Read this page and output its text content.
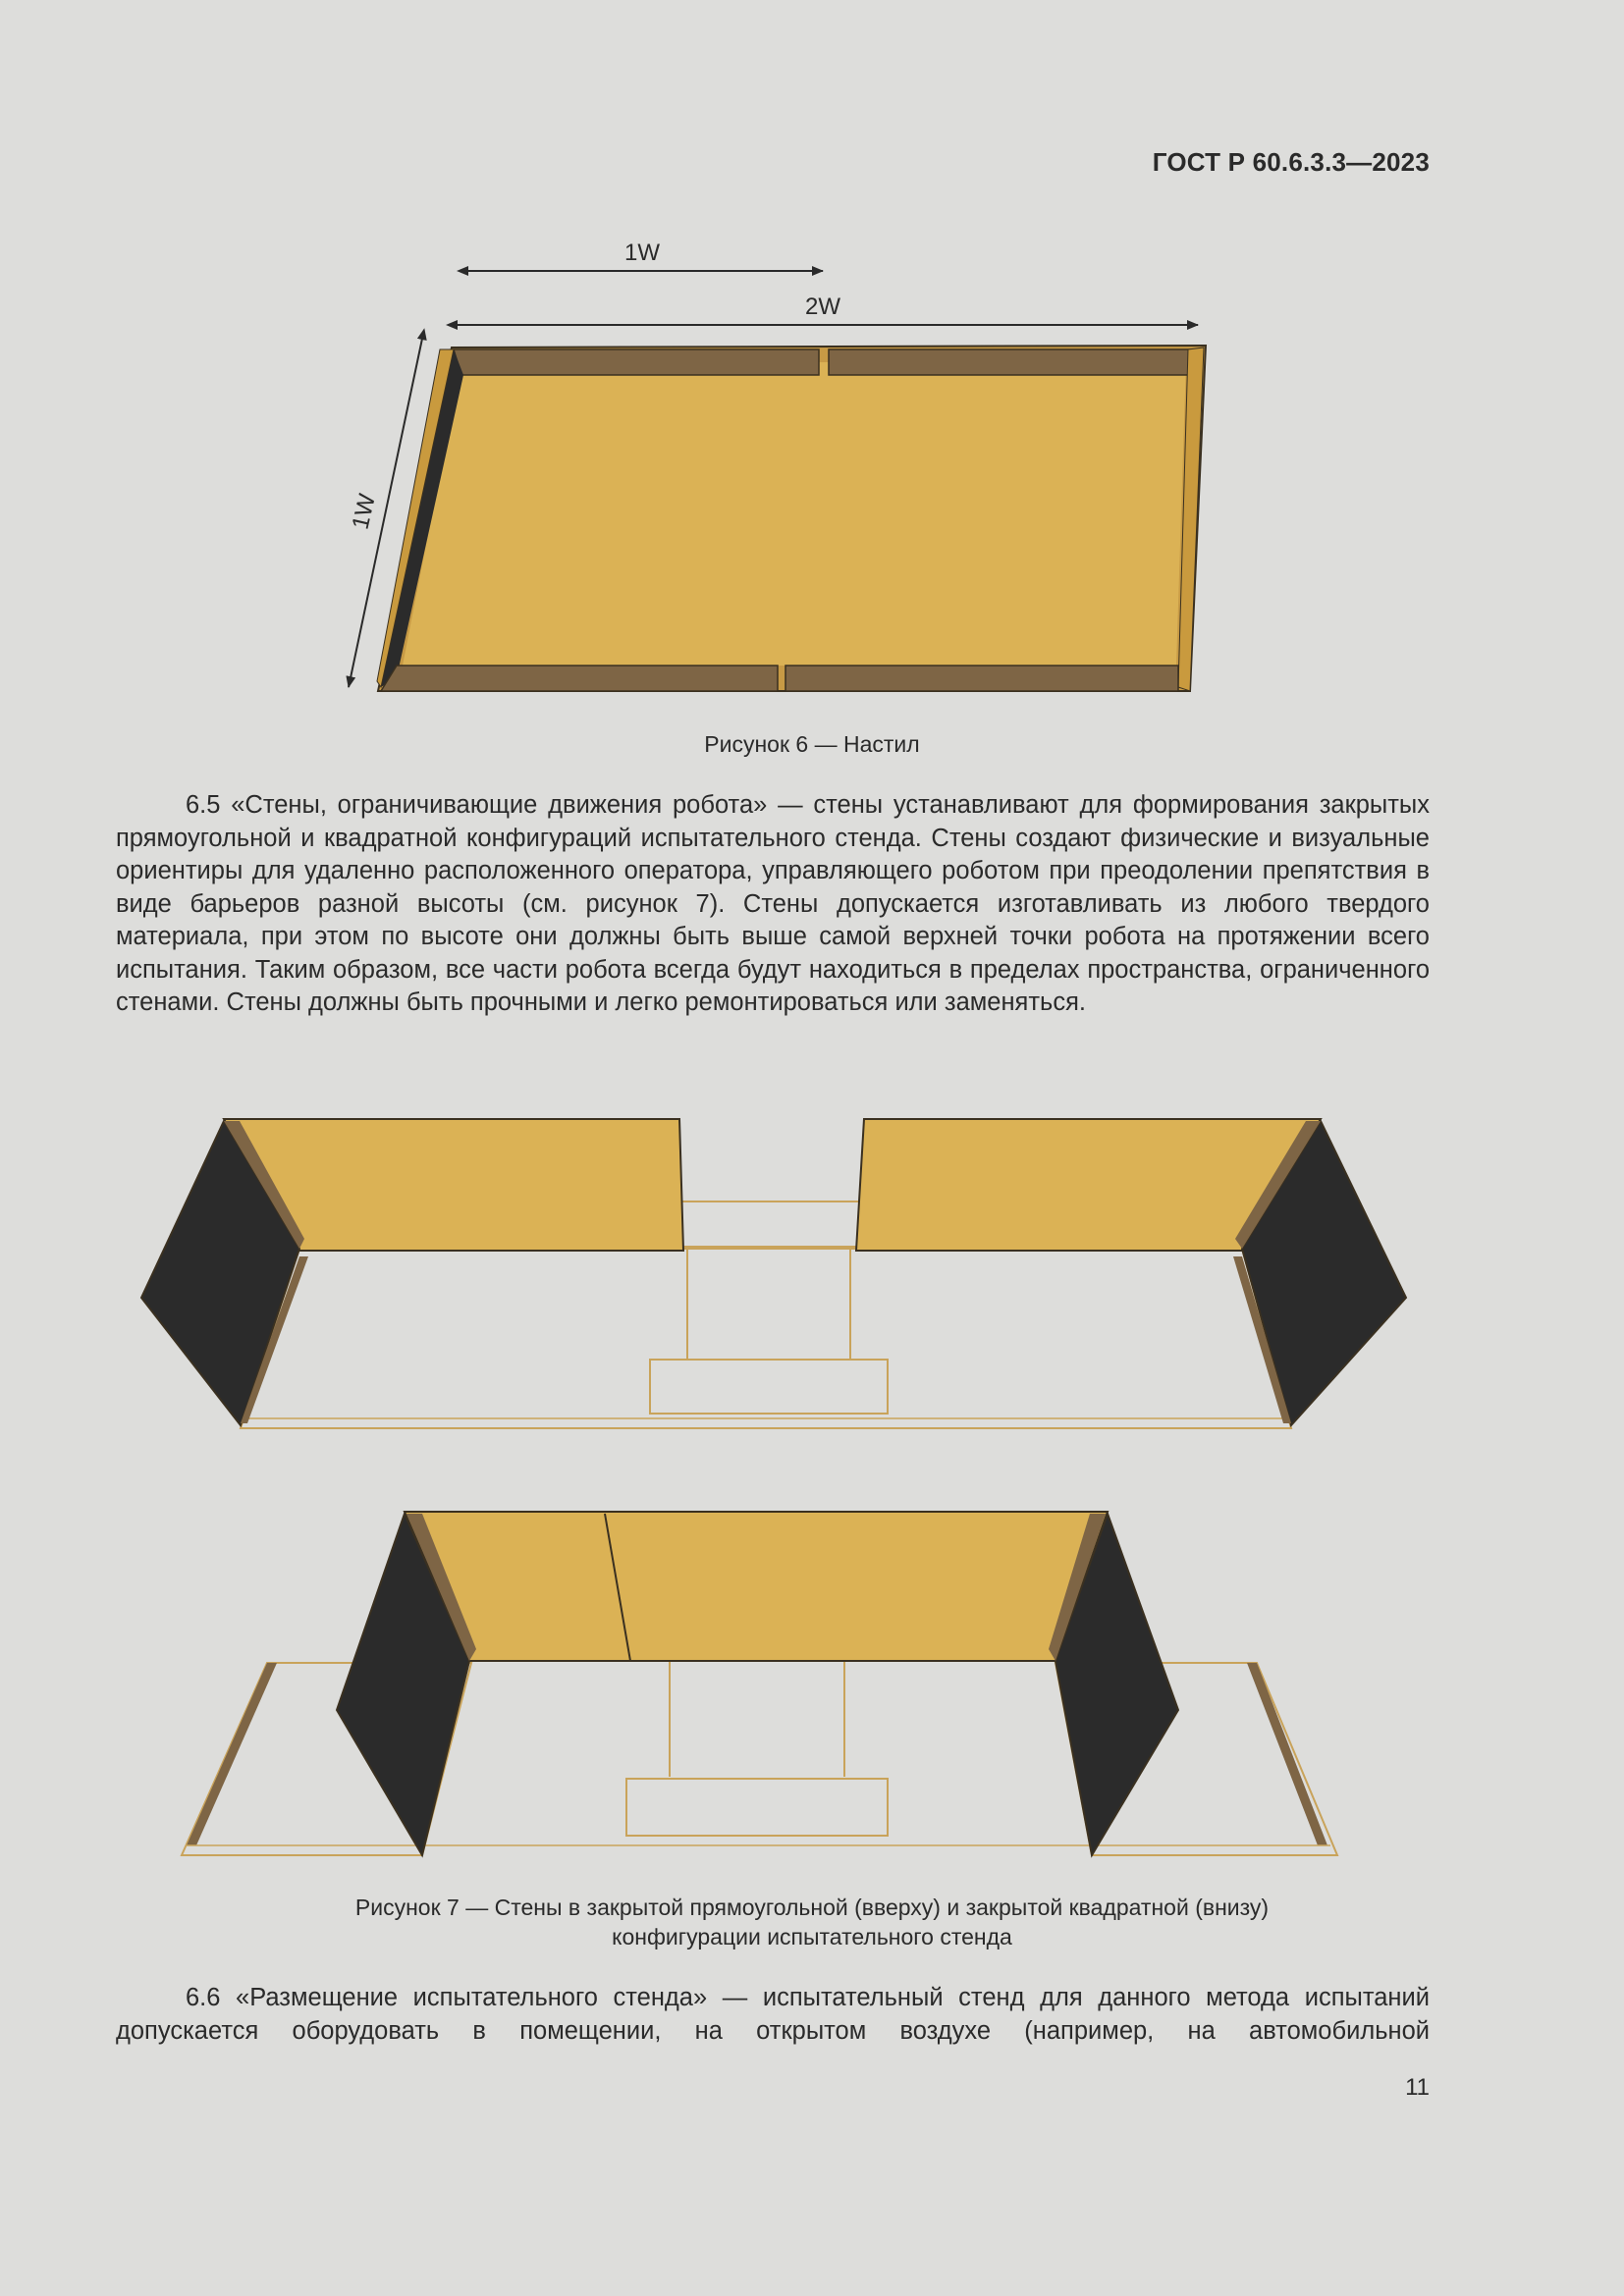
ГОСТ Р 60.6.3.3—2023
1W
2W
1W
Рисунок 6 — Настил
6.5 «Стены, ограничивающие движения робота» — стены устанавливают для формирования закрытых прямоугольной и квадратной конфигураций испытательного стенда. Стены создают физические и визуальные ориентиры для удаленно расположенного оператора, управляющего роботом при преодолении препятствия в виде барьеров разной высоты (см. рисунок 7). Стены допускается изготавливать из любого твердого материала, при этом по высоте они должны быть выше самой верхней точки робота на протяжении всего испытания. Таким образом, все части робота всегда будут находиться в пределах пространства, ограниченного стенами. Стены должны быть прочными и легко ремонтироваться или заменяться.
Рисунок 7 — Стены в закрытой прямоугольной (вверху) и закрытой квадратной (внизу)
конфигурации испытательного стенда
6.6 «Размещение испытательного стенда» — испытательный стенд для данного метода испытаний допускается оборудовать в помещении, на открытом воздухе (например, на автомобильной
11
